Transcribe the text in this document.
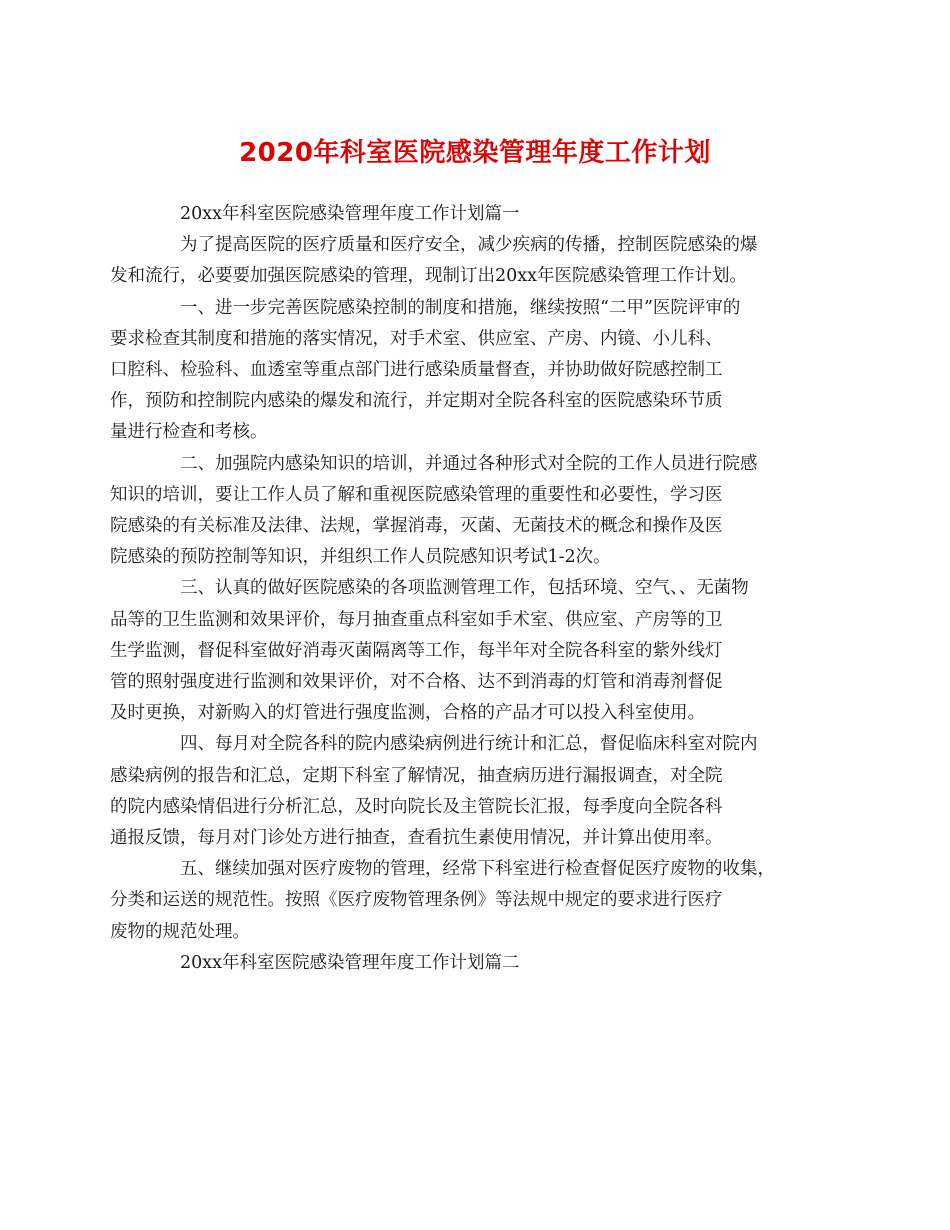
2020年科室医院感染管理年度工作计划

20xx年科室医院感染管理年度工作计划篇一

为了提高医院的医疗质量和医疗安全，减少疾病的传播，控制医院感染的爆
发和流行，必要要加强医院感染的管理，现制订出20xx年医院感染管理工作计划。

一、进一步完善医院感染控制的制度和措施，继续按照“二甲”医院评审的
要求检查其制度和措施的落实情况，对手术室、供应室、产房、内镜、小儿科、
口腔科、检验科、血透室等重点部门进行感染质量督查，并协助做好院感控制工
作，预防和控制院内感染的爆发和流行，并定期对全院各科室的医院感染环节质
量进行检查和考核。

二、加强院内感染知识的培训，并通过各种形式对全院的工作人员进行院感
知识的培训，要让工作人员了解和重视医院感染管理的重要性和必要性，学习医
院感染的有关标准及法律、法规，掌握消毒，灭菌、无菌技术的概念和操作及医
院感染的预防控制等知识，并组织工作人员院感知识考试1-2次。

三、认真的做好医院感染的各项监测管理工作，包括环境、空气、、无菌物
品等的卫生监测和效果评价，每月抽查重点科室如手术室、供应室、产房等的卫
生学监测，督促科室做好消毒灭菌隔离等工作，每半年对全院各科室的紫外线灯
管的照射强度进行监测和效果评价，对不合格、达不到消毒的灯管和消毒剂督促
及时更换，对新购入的灯管进行强度监测，合格的产品才可以投入科室使用。

四、每月对全院各科的院内感染病例进行统计和汇总，督促临床科室对院内
感染病例的报告和汇总，定期下科室了解情况，抽查病历进行漏报调查，对全院
的院内感染情侣进行分析汇总，及时向院长及主管院长汇报，每季度向全院各科
通报反馈，每月对门诊处方进行抽查，查看抗生素使用情况，并计算出使用率。

五、继续加强对医疗废物的管理，经常下科室进行检查督促医疗废物的收集，
分类和运送的规范性。按照《医疗废物管理条例》等法规中规定的要求进行医疗
废物的规范处理。

20xx年科室医院感染管理年度工作计划篇二
